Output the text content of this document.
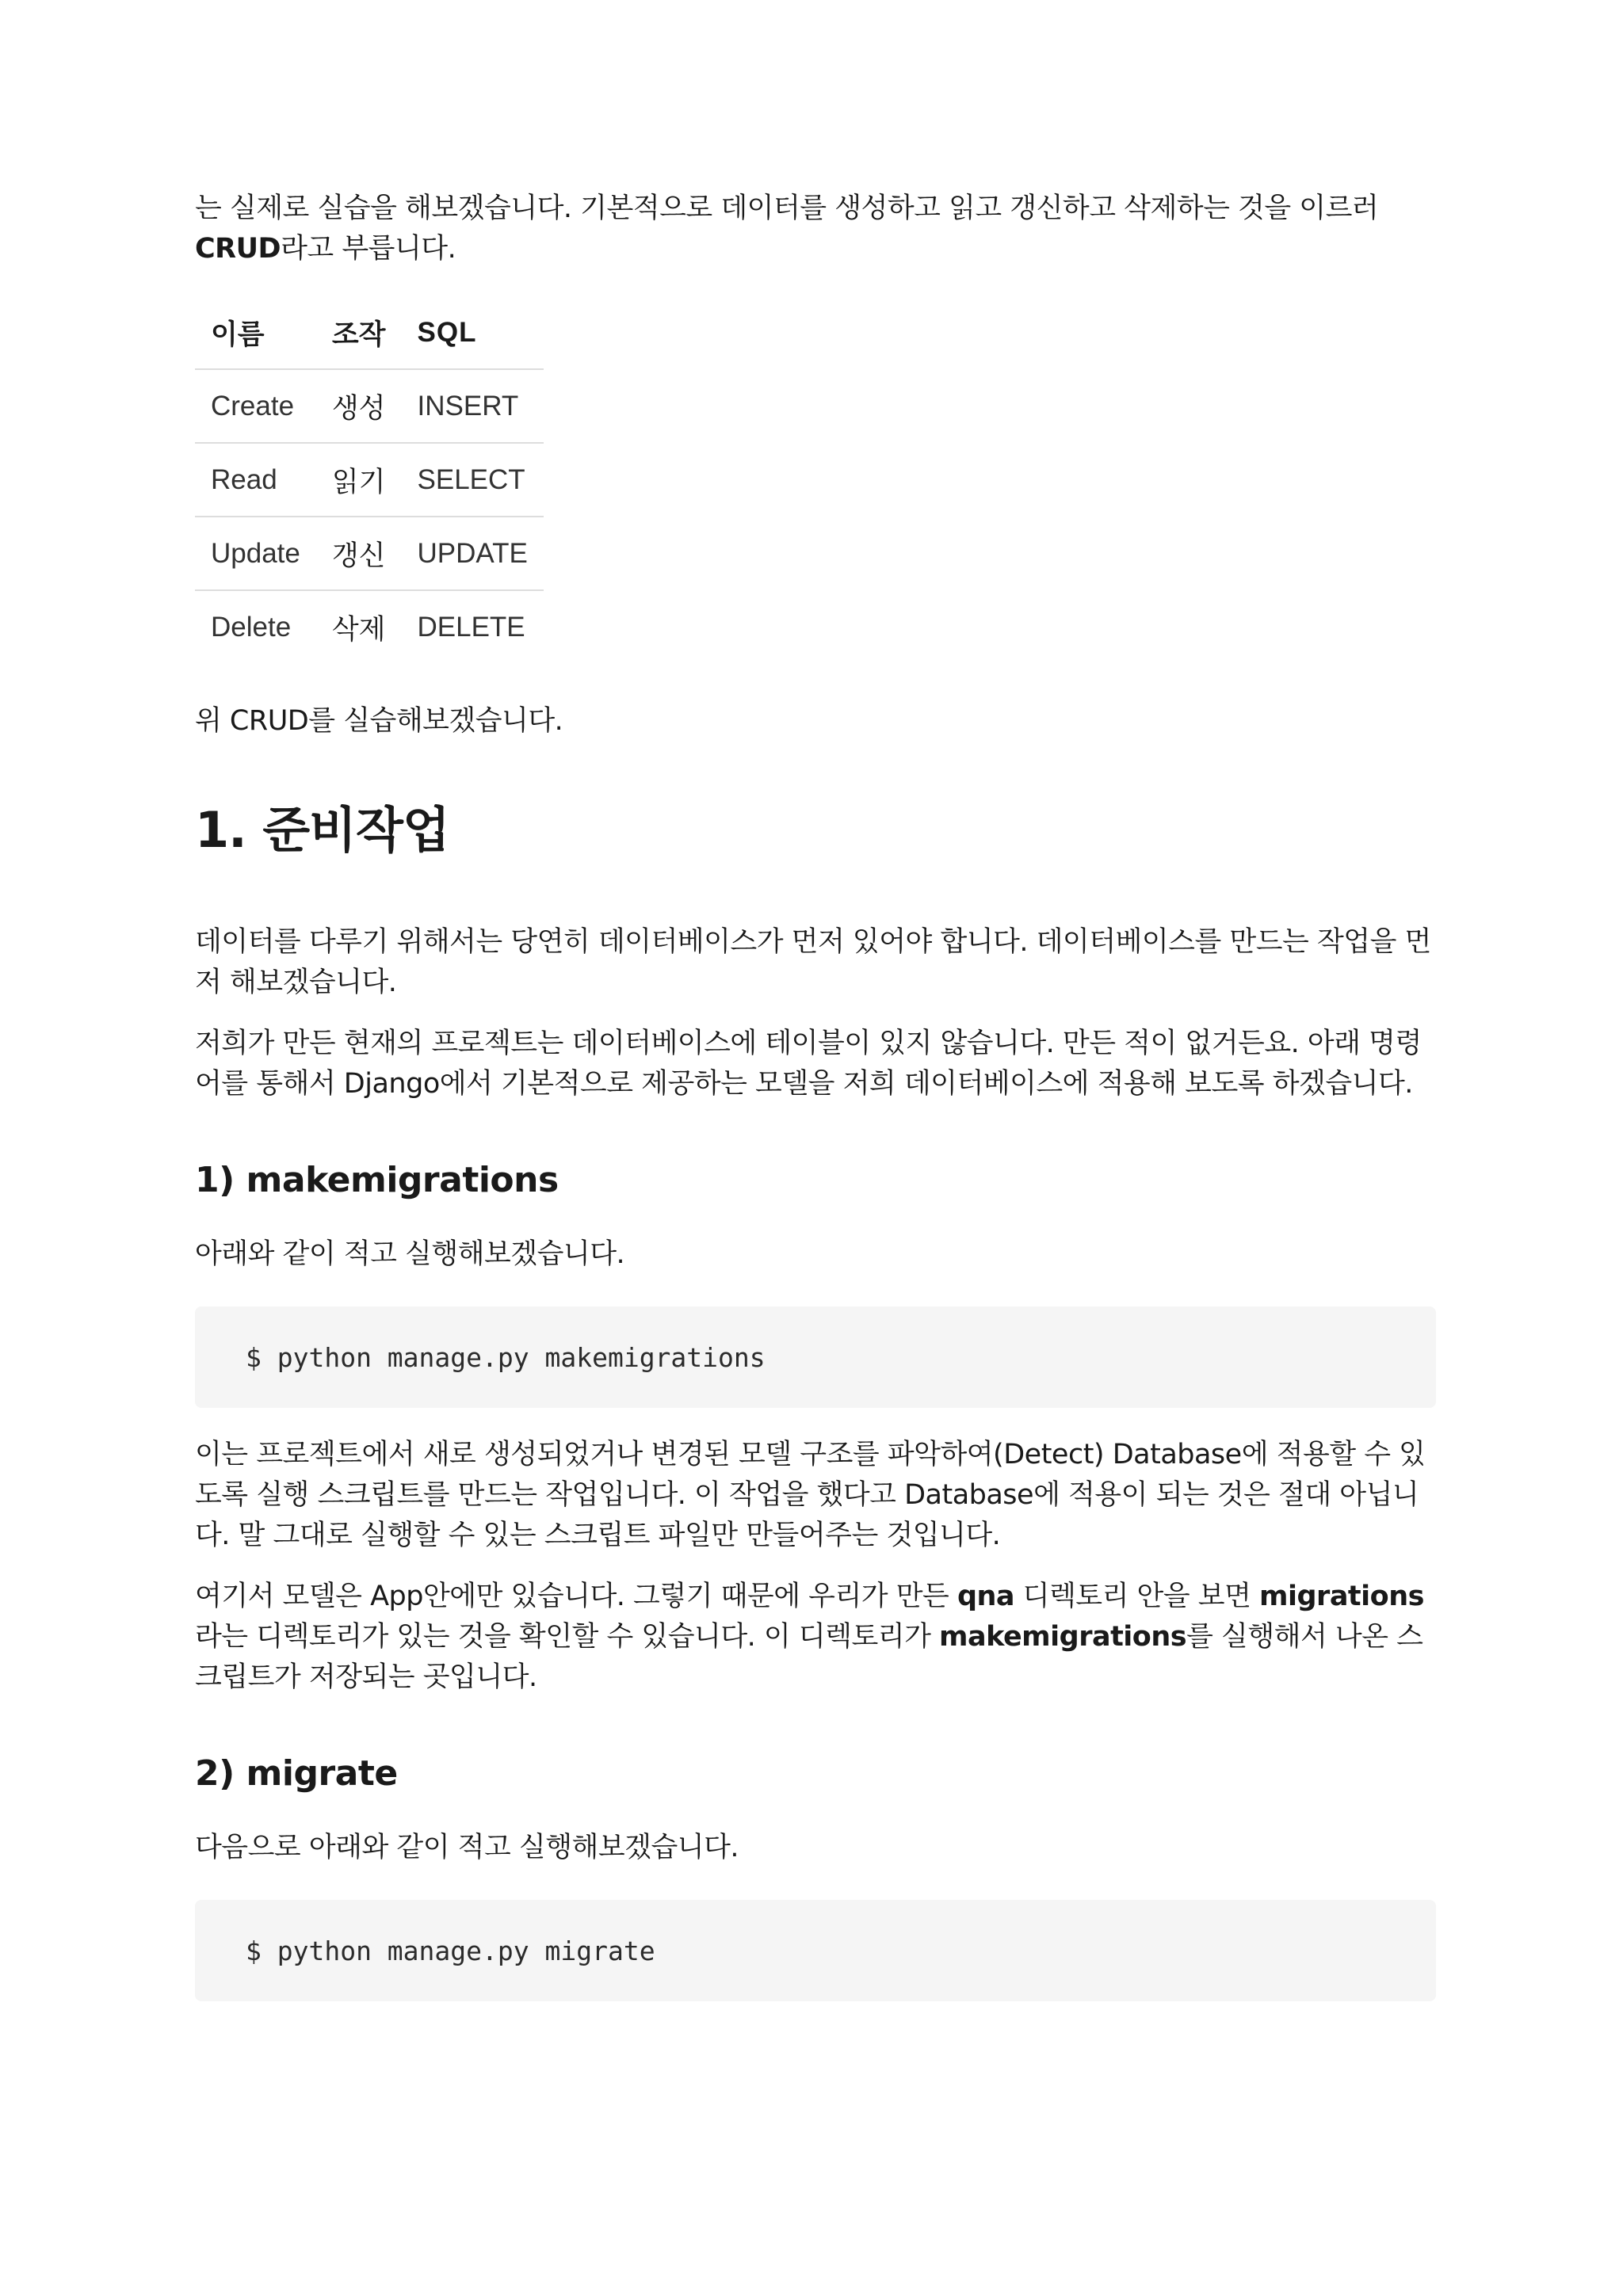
는 실제로 실습을 해보겠습니다. 기본적으로 데이터를 생성하고 읽고 갱신하고 삭제하는 것을 이르러
CRUD라고 부릅니다.

이름	조작	SQL
Create	생성	INSERT
Read	읽기	SELECT
Update	갱신	UPDATE
Delete	삭제	DELETE

위 CRUD를 실습해보겠습니다.

1. 준비작업

데이터를 다루기 위해서는 당연히 데이터베이스가 먼저 있어야 합니다. 데이터베이스를 만드는 작업을 먼저 해보겠습니다.

저희가 만든 현재의 프로젝트는 데이터베이스에 테이블이 있지 않습니다. 만든 적이 없거든요. 아래 명령어를 통해서 Django에서 기본적으로 제공하는 모델을 저희 데이터베이스에 적용해 보도록 하겠습니다.

1) makemigrations

아래와 같이 적고 실행해보겠습니다.

$ python manage.py makemigrations

이는 프로젝트에서 새로 생성되었거나 변경된 모델 구조를 파악하여(Detect) Database에 적용할 수 있도록 실행 스크립트를 만드는 작업입니다. 이 작업을 했다고 Database에 적용이 되는 것은 절대 아닙니다. 말 그대로 실행할 수 있는 스크립트 파일만 만들어주는 것입니다.

여기서 모델은 App안에만 있습니다. 그렇기 때문에 우리가 만든 qna 디렉토리 안을 보면 migrations라는 디렉토리가 있는 것을 확인할 수 있습니다. 이 디렉토리가 makemigrations를 실행해서 나온 스크립트가 저장되는 곳입니다.

2) migrate

다음으로 아래와 같이 적고 실행해보겠습니다.

$ python manage.py migrate
